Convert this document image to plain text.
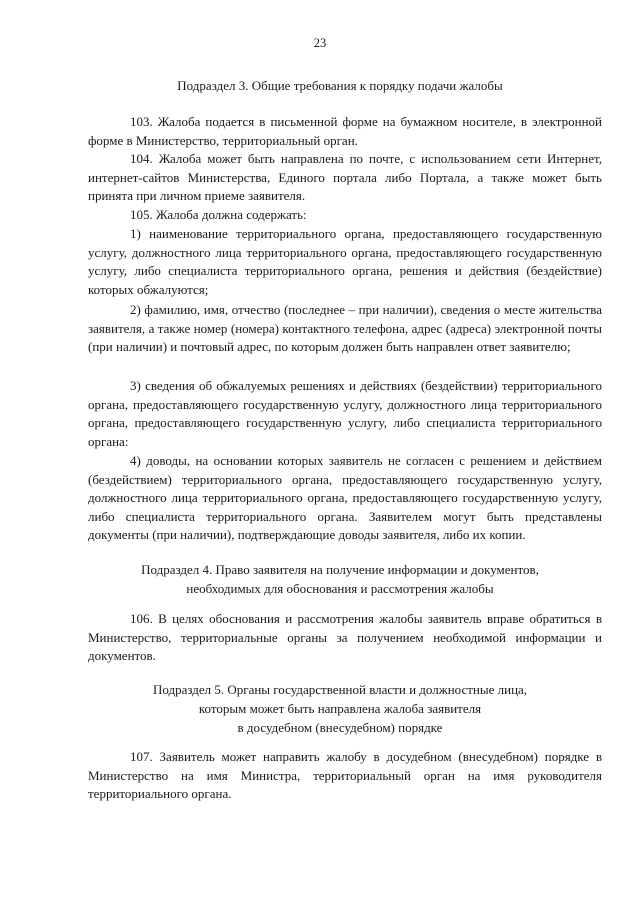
23
Подраздел 3. Общие требования к порядку подачи жалобы

103. Жалоба подается в письменной форме на бумажном носителе, в электронной форме в Министерство, территориальный орган.

104. Жалоба может быть направлена по почте, с использованием сети Интернет, интернет-сайтов Министерства, Единого портала либо Портала, а также может быть принята при личном приеме заявителя.

105. Жалоба должна содержать:

1) наименование территориального органа, предоставляющего государственную услугу, должностного лица территориального органа, предоставляющего государственную услугу, либо специалиста территориального органа, решения и действия (бездействие) которых обжалуются;

2) фамилию, имя, отчество (последнее – при наличии), сведения о месте жительства заявителя, а также номер (номера) контактного телефона, адрес (адреса) электронной почты (при наличии) и почтовый адрес, по которым должен быть направлен ответ заявителю;

3) сведения об обжалуемых решениях и действиях (бездействии) территориального органа, предоставляющего государственную услугу, должностного лица территориального органа, предоставляющего государственную услугу, либо специалиста территориального органа:

4) доводы, на основании которых заявитель не согласен с решением и действием (бездействием) территориального органа, предоставляющего государственную услугу, должностного лица территориального органа, предоставляющего государственную услугу, либо специалиста территориального органа. Заявителем могут быть представлены документы (при наличии), подтверждающие доводы заявителя, либо их копии.

Подраздел 4. Право заявителя на получение информации и документов,
необходимых для обоснования и рассмотрения жалобы

106. В целях обоснования и рассмотрения жалобы заявитель вправе обратиться в Министерство, территориальные органы за получением необходимой информации и документов.

Подраздел 5. Органы государственной власти и должностные лица,
которым может быть направлена жалоба заявителя
в досудебном (внесудебном) порядке

107. Заявитель может направить жалобу в досудебном (внесудебном) порядке в Министерство на имя Министра, территориальный орган на имя руководителя территориального органа.
